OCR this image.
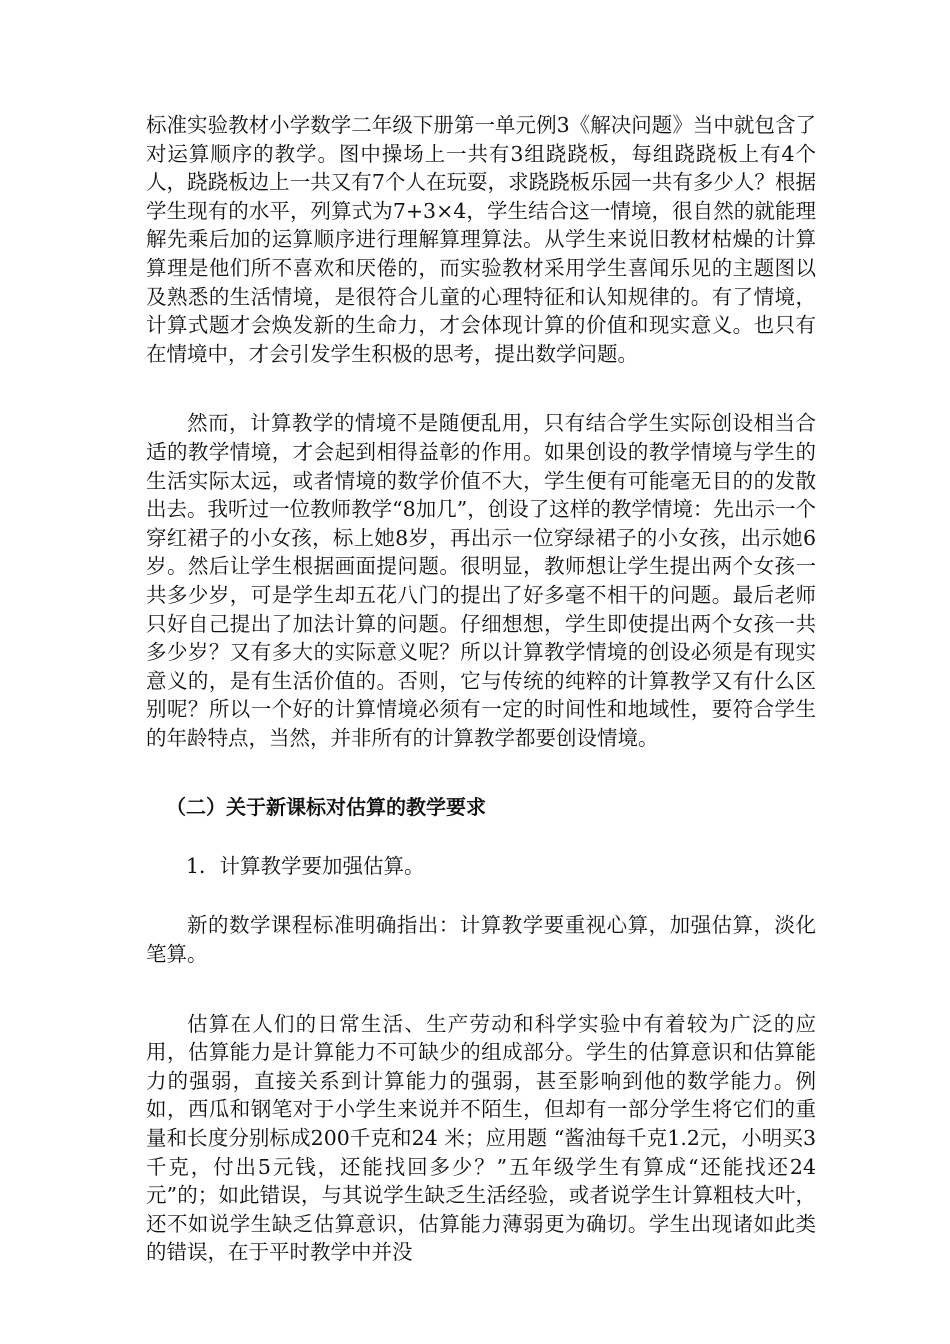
标准实验教材小学数学二年级下册第一单元例3《解决问题》当中就包含了对运算顺序的教学。图中操场上一共有3组跷跷板，每组跷跷板上有4个人，跷跷板边上一共又有7个人在玩耍，求跷跷板乐园一共有多少人？根据学生现有的水平，列算式为7+3×4，学生结合这一情境，很自然的就能理解先乘后加的运算顺序进行理解算理算法。从学生来说旧教材枯燥的计算算理是他们所不喜欢和厌倦的，而实验教材采用学生喜闻乐见的主题图以及熟悉的生活情境，是很符合儿童的心理特征和认知规律的。有了情境，计算式题才会焕发新的生命力，才会体现计算的价值和现实意义。也只有在情境中，才会引发学生积极的思考，提出数学问题。

然而，计算教学的情境不是随便乱用，只有结合学生实际创设相当合适的教学情境，才会起到相得益彰的作用。如果创设的教学情境与学生的生活实际太远，或者情境的数学价值不大，学生便有可能毫无目的的发散出去。我听过一位教师教学“8加几”，创设了这样的教学情境：先出示一个穿红裙子的小女孩，标上她8岁，再出示一位穿绿裙子的小女孩，出示她6岁。然后让学生根据画面提问题。很明显，教师想让学生提出两个女孩一共多少岁，可是学生却五花八门的提出了好多毫不相干的问题。最后老师只好自己提出了加法计算的问题。仔细想想，学生即使提出两个女孩一共多少岁？又有多大的实际意义呢？所以计算教学情境的创设必须是有现实意义的，是有生活价值的。否则，它与传统的纯粹的计算教学又有什么区别呢？所以一个好的计算情境必须有一定的时间性和地域性，要符合学生的年龄特点，当然，并非所有的计算教学都要创设情境。

（二）关于新课标对估算的教学要求

1．计算教学要加强估算。

新的数学课程标准明确指出：计算教学要重视心算，加强估算，淡化笔算。

估算在人们的日常生活、生产劳动和科学实验中有着较为广泛的应用，估算能力是计算能力不可缺少的组成部分。学生的估算意识和估算能力的强弱，直接关系到计算能力的强弱，甚至影响到他的数学能力。例如，西瓜和钢笔对于小学生来说并不陌生，但却有一部分学生将它们的重量和长度分别标成200千克和24 米；应用题 “酱油每千克1.2元，小明买3千克，付出5元钱，还能找回多少？”五年级学生有算成“还能找还24元”的；如此错误，与其说学生缺乏生活经验，或者说学生计算粗枝大叶，还不如说学生缺乏估算意识，估算能力薄弱更为确切。学生出现诸如此类的错误，在于平时教学中并没
